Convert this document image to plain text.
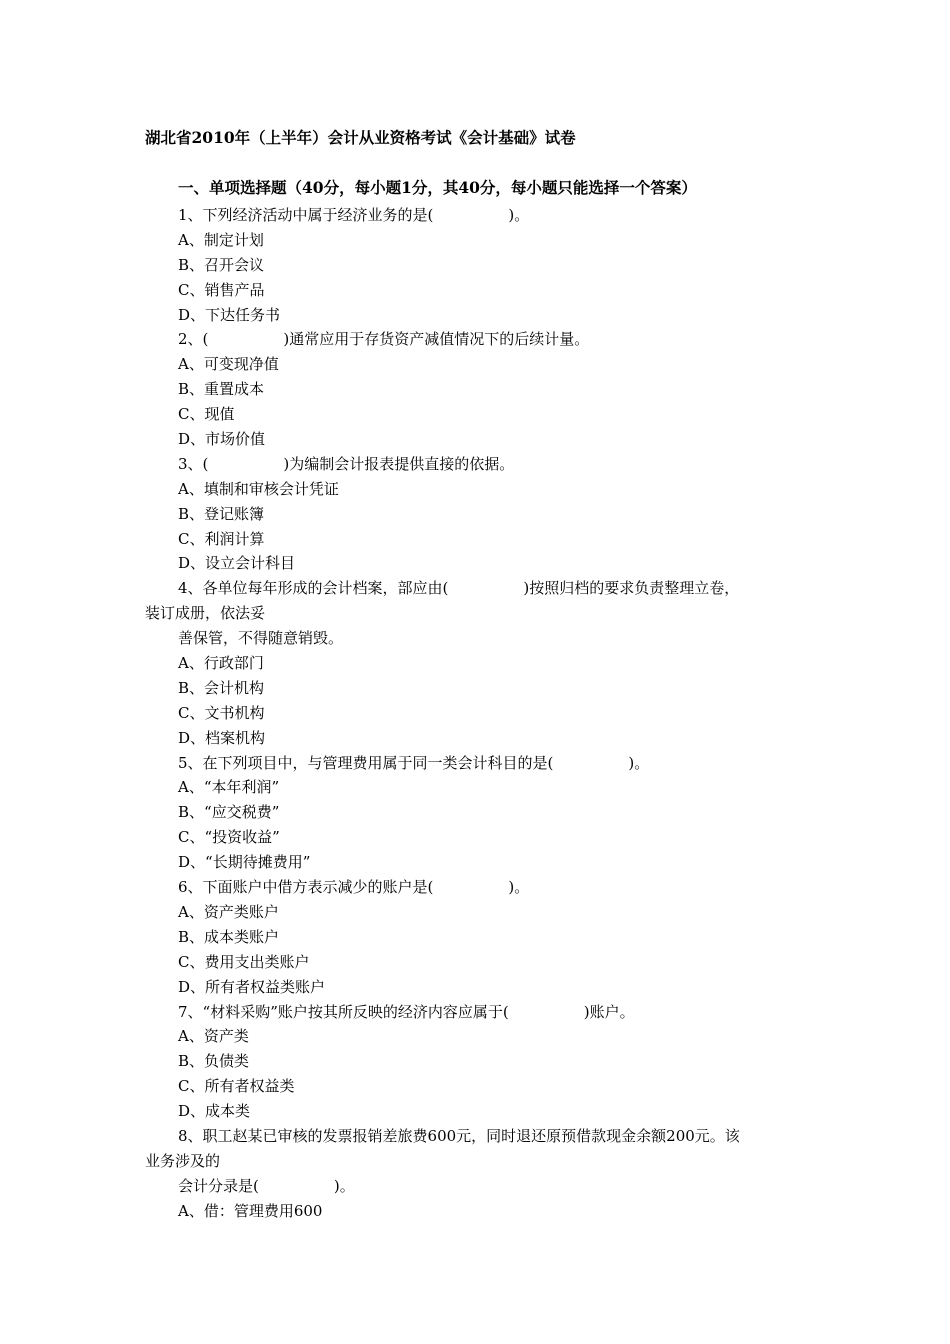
湖北省2010年（上半年）会计从业资格考试《会计基础》试卷
一、单项选择题（40分，每小题1分，其40分，每小题只能选择一个答案）
1、下列经济活动中属于经济业务的是(　　　　　)。
A、制定计划
B、召开会议
C、销售产品
D、下达任务书
2、(　　　　　)通常应用于存货资产减值情况下的后续计量。
A、可变现净值
B、重置成本
C、现值
D、市场价值
3、(　　　　　)为编制会计报表提供直接的依据。
A、填制和审核会计凭证
B、登记账簿
C、利润计算
D、设立会计科目
4、各单位每年形成的会计档案，部应由(　　　　　)按照归档的要求负责整理立卷，
装订成册，依法妥
善保管，不得随意销毁。
A、行政部门
B、会计机构
C、文书机构
D、档案机构
5、在下列项目中，与管理费用属于同一类会计科目的是(　　　　　)。
A、“本年利润”
B、“应交税费”
C、“投资收益”
D、“长期待摊费用”
6、下面账户中借方表示减少的账户是(　　　　　)。
A、资产类账户
B、成本类账户
C、费用支出类账户
D、所有者权益类账户
7、“材料采购”账户按其所反映的经济内容应属于(　　　　　)账户。
A、资产类
B、负债类
C、所有者权益类
D、成本类
8、职工赵某已审核的发票报销差旅费600元，同时退还原预借款现金余额200元。该
业务涉及的
会计分录是(　　　　　)。
A、借：管理费用600
